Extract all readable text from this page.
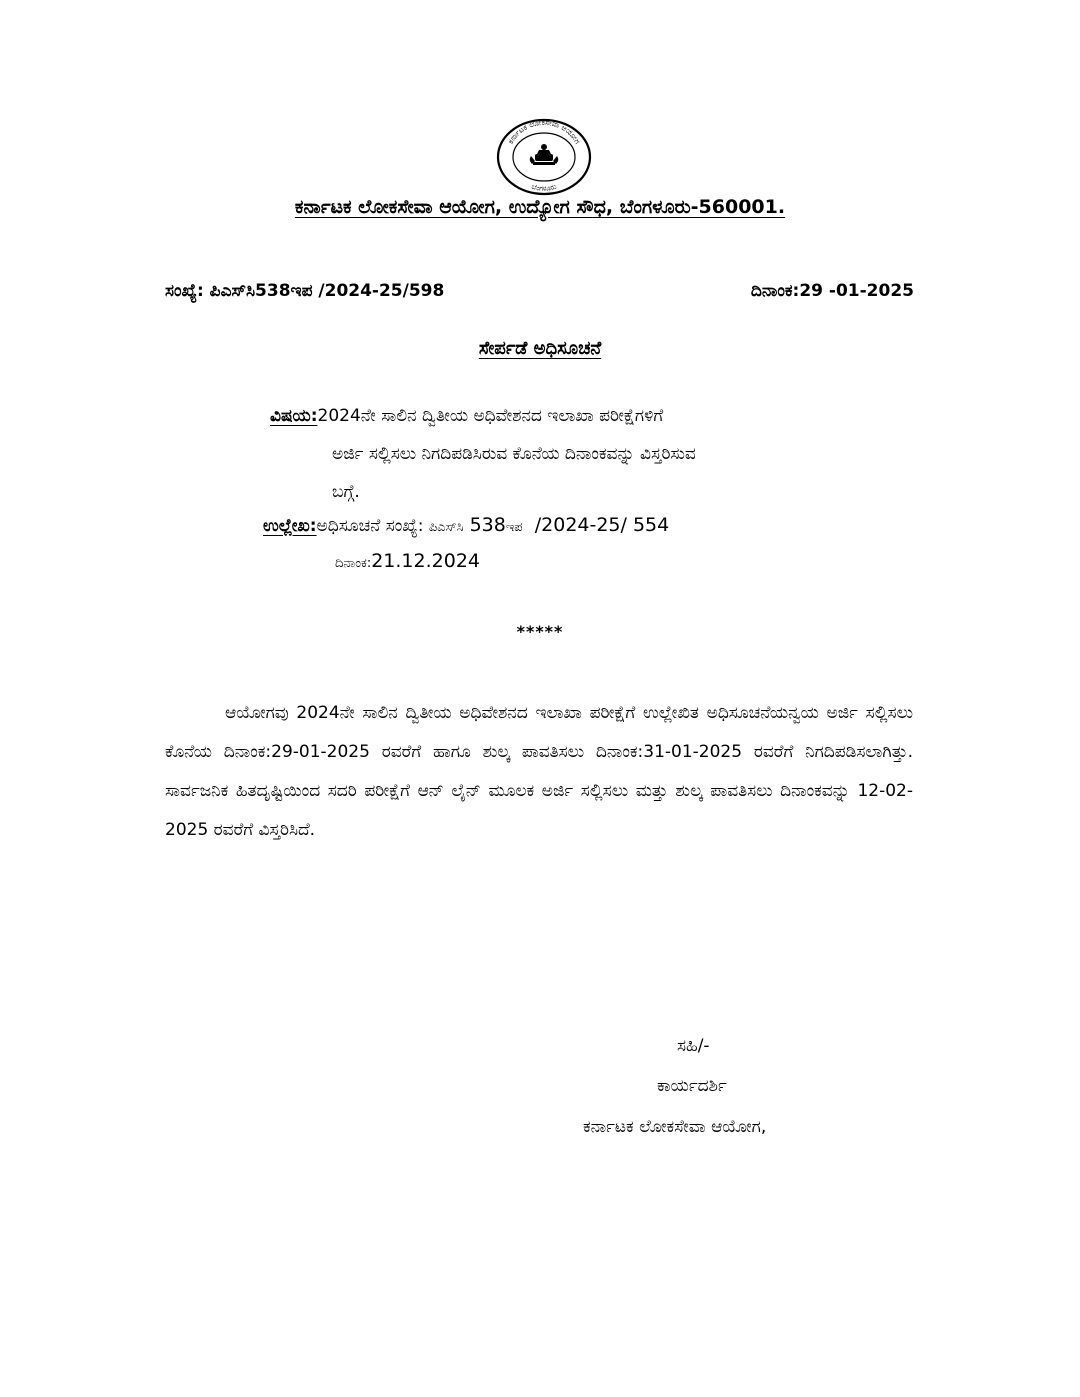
ಕರ್ನಾಟಕ ಲೋಕಸೇವಾ ಆಯೋಗ
ಬೆಂಗಳೂರು
ಕರ್ನಾಟಕ ಲೋಕಸೇವಾ ಆಯೋಗ, ಉದ್ಯೋಗ ಸೌಧ, ಬೆಂಗಳೂರು-560001.
ಸಂಖ್ಯೆ: ಪಿಎಸ್‌ಸಿ538ಇಪ /2024-25/598	ದಿನಾಂಕ:29 -01-2025
ಸೇರ್ಪಡೆ ಅಧಿಸೂಚನೆ
ವಿಷಯ:2024ನೇ ಸಾಲಿನ ದ್ವಿತೀಯ ಅಧಿವೇಶನದ ಇಲಾಖಾ ಪರೀಕ್ಷೆಗಳಿಗೆ
ಅರ್ಜಿ ಸಲ್ಲಿಸಲು ನಿಗದಿಪಡಿಸಿರುವ ಕೊನೆಯ ದಿನಾಂಕವನ್ನು ವಿಸ್ತರಿಸುವ
ಬಗ್ಗೆ.
ಉಲ್ಲೇಖ:ಅಧಿಸೂಚನೆ ಸಂಖ್ಯೆ: ಪಿಎಸ್‌ಸಿ 538ಇಪ  /2024-25/ 554
ದಿನಾಂಕ:21.12.2024
*****
ಆಯೋಗವು 2024ನೇ ಸಾಲಿನ ದ್ವಿತೀಯ ಅಧಿವೇಶನದ ಇಲಾಖಾ ಪರೀಕ್ಷೆಗೆ ಉಲ್ಲೇಖಿತ ಅಧಿಸೂಚನೆಯನ್ವಯ ಅರ್ಜಿ ಸಲ್ಲಿಸಲು ಕೊನೆಯ ದಿನಾಂಕ:29-01-2025 ರವರೆಗೆ ಹಾಗೂ ಶುಲ್ಕ ಪಾವತಿಸಲು ದಿನಾಂಕ:31-01-2025 ರವರೆಗೆ ನಿಗದಿಪಡಿಸಲಾಗಿತ್ತು. ಸಾರ್ವಜನಿಕ ಹಿತದೃಷ್ಟಿಯಿಂದ ಸದರಿ ಪರೀಕ್ಷೆಗೆ ಆನ್ ಲೈನ್ ಮೂಲಕ ಅರ್ಜಿ ಸಲ್ಲಿಸಲು ಮತ್ತು ಶುಲ್ಕ ಪಾವತಿಸಲು ದಿನಾಂಕವನ್ನು 12-02-2025 ರವರೆಗೆ ವಿಸ್ತರಿಸಿದೆ.
ಸಹಿ/-
ಕಾರ್ಯದರ್ಶಿ
ಕರ್ನಾಟಕ ಲೋಕಸೇವಾ ಆಯೋಗ,
